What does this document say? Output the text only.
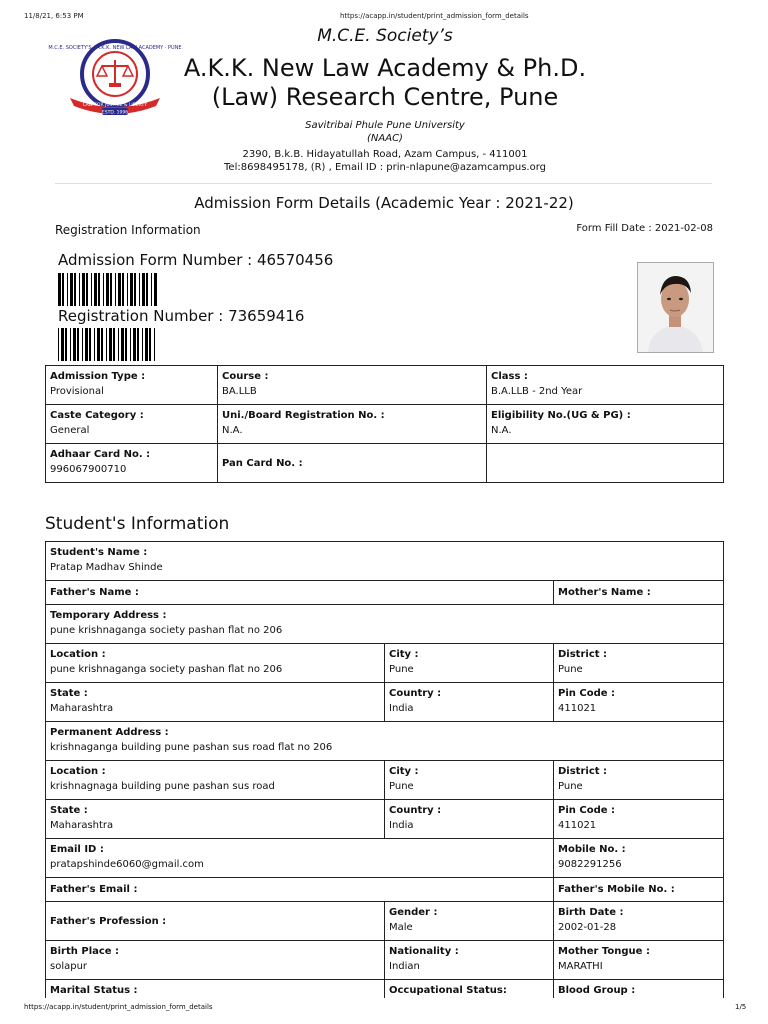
11/8/21, 6:53 PM	https://acapp.in/student/print_admission_form_details
M.C.E. SOCIETY'S · A.K.K. NEW LAW ACADEMY · PUNE
LAW FOR JUSTICE & LIBERTY
ESTD. 1996
M.C.E. Society’s
A.K.K. New Law Academy & Ph.D.
(Law) Research Centre, Pune
Savitribai Phule Pune University
(NAAC)
2390, B.k.B. Hidayatullah Road, Azam Campus, - 411001
Tel:8698495178, (R) , Email ID : prin-nlapune@azamcampus.org
Admission Form Details (Academic Year : 2021-22)
Registration Information	Form Fill Date : 2021-02-08
Admission Form Number : 46570456
Registration Number : 73659416
Admission Type :
Provisional	Course :
BA.LLB	Class :
B.A.LLB - 2nd Year

Caste Category :
General	Uni./Board Registration No. :
N.A.	Eligibility No.(UG & PG) :
N.A.

Adhaar Card No. :
996067900710	Pan Card No. :	

Student's Information
Student's Name :
Pratap Madhav Shinde		

Father's Name :		Mother's Name :

Temporary Address :
pune krishnaganga society pashan flat no 206		

Location :
pune krishnaganga society pashan flat no 206	City :
Pune	District :
Pune

State :
Maharashtra	Country :
India	Pin Code :
411021

Permanent Address :
krishnaganga building pune pashan sus road flat no 206		

Location :
krishnagnaga building pune pashan sus road	City :
Pune	District :
Pune

State :
Maharashtra	Country :
India	Pin Code :
411021

Email ID :
pratapshinde6060@gmail.com		Mobile No. :
9082291256

Father's Email :		Father's Mobile No. :

Father's Profession :	Gender :
Male	Birth Date :
2002-01-28

Birth Place :
solapur	Nationality :
Indian	Mother Tongue :
MARATHI

Marital Status :	Occupational Status:	Blood Group :
https://acapp.in/student/print_admission_form_details	1/5
